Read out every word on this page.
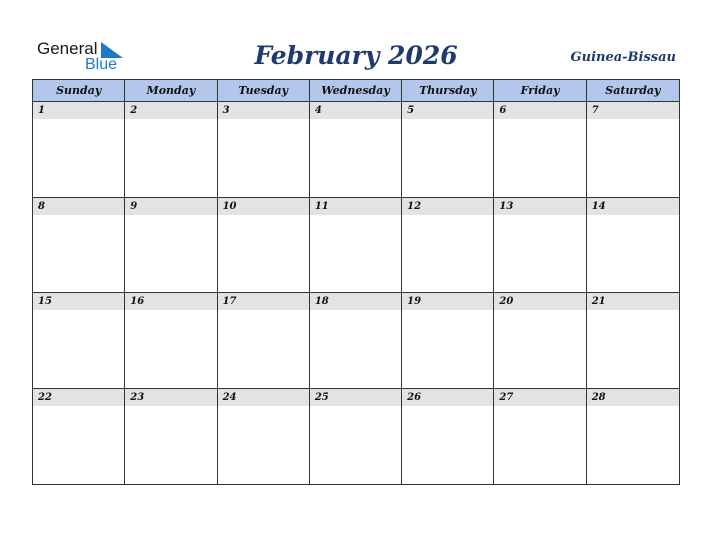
General
Blue	February 2026	Guinea-Bissau
Sunday	Monday	Tuesday	Wednesday	Thursday	Friday	Saturday
1	2	3	4	5	6	7
8	9	10	11	12	13	14
15	16	17	18	19	20	21
22	23	24	25	26	27	28
